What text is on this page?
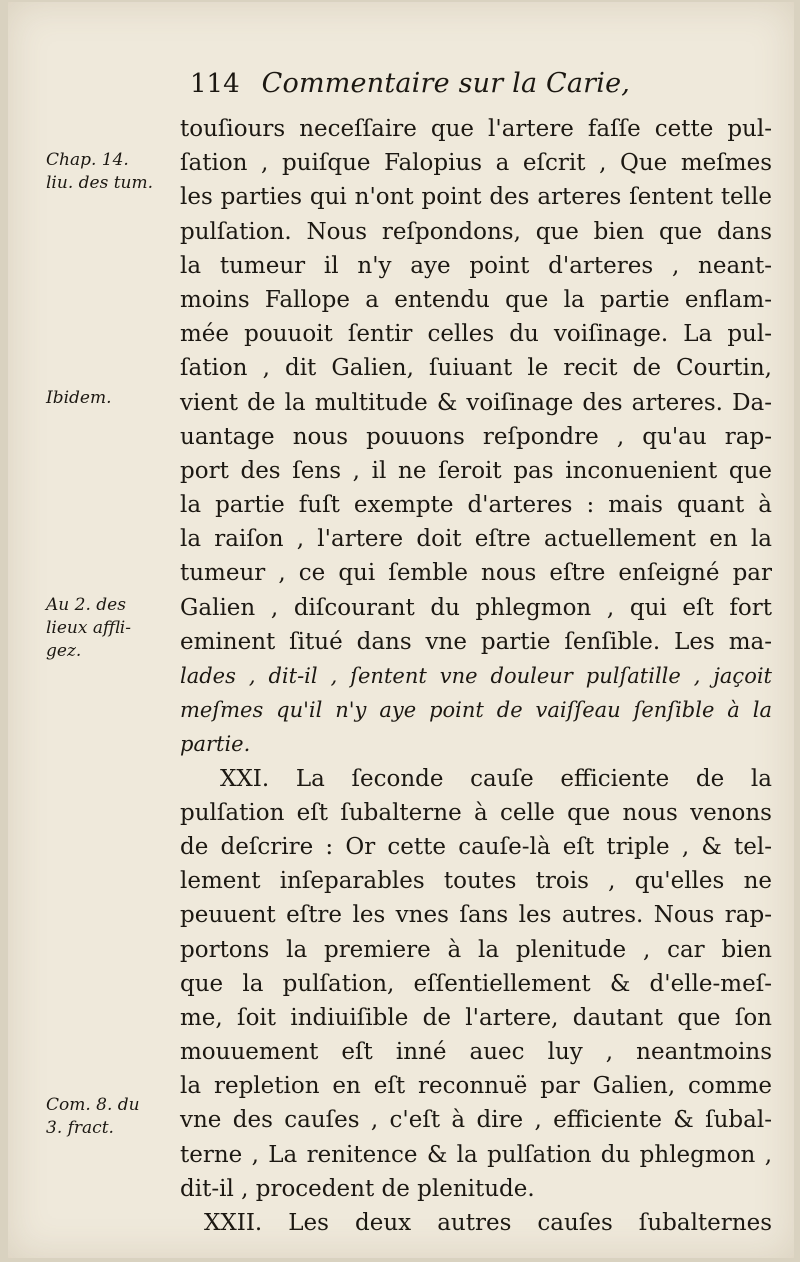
114 Commentaire sur la Carie,
Chap. 14.
liu. des tum.
Ibidem.
Au 2. des
lieux affli-
gez.
Com. 8. du
3. fract.
touſiours neceſſaire que l'artere faſſe cette pul-
ſation , puiſque Falopius a eſcrit , Que meſmes
les parties qui n'ont point des arteres ſentent telle
pulſation. Nous reſpondons, que bien que dans
la tumeur il n'y aye point d'arteres , neant-
moins Fallope a entendu que la partie enflam-
mée pouuoit ſentir celles du voiſinage. La pul-
ſation , dit Galien, ſuiuant le recit de Courtin,
vient de la multitude & voiſinage des arteres. Da-
uantage nous pouuons reſpondre , qu'au rap-
port des ſens , il ne ſeroit pas inconuenient que
la partie fuſt exempte d'arteres : mais quant à
la raiſon , l'artere doit eſtre actuellement en la
tumeur , ce qui ſemble nous eſtre enſeigné par
Galien , diſcourant du phlegmon , qui eſt fort
eminent ſitué dans vne partie ſenſible. Les ma-
lades , dit-il , ſentent vne douleur pulſatille , jaçoit
meſmes qu'il n'y aye point de vaiſſeau ſenſible à la
partie.
XXI. La ſeconde cauſe efficiente de la
pulſation eſt ſubalterne à celle que nous venons
de deſcrire : Or cette cauſe-là eſt triple , & tel-
lement inſeparables toutes trois , qu'elles ne
peuuent eſtre les vnes ſans les autres. Nous rap-
portons la premiere à la plenitude , car bien
que la pulſation, eſſentiellement & d'elle-meſ-
me, ſoit indiuiſible de l'artere, dautant que ſon
mouuement eſt inné auec luy , neantmoins
la repletion en eſt reconnuë par Galien, comme
vne des cauſes , c'eſt à dire , efficiente & ſubal-
terne , La renitence & la pulſation du phlegmon ,
dit-il , procedent de plenitude.
XXII. Les deux autres cauſes ſubalternes
